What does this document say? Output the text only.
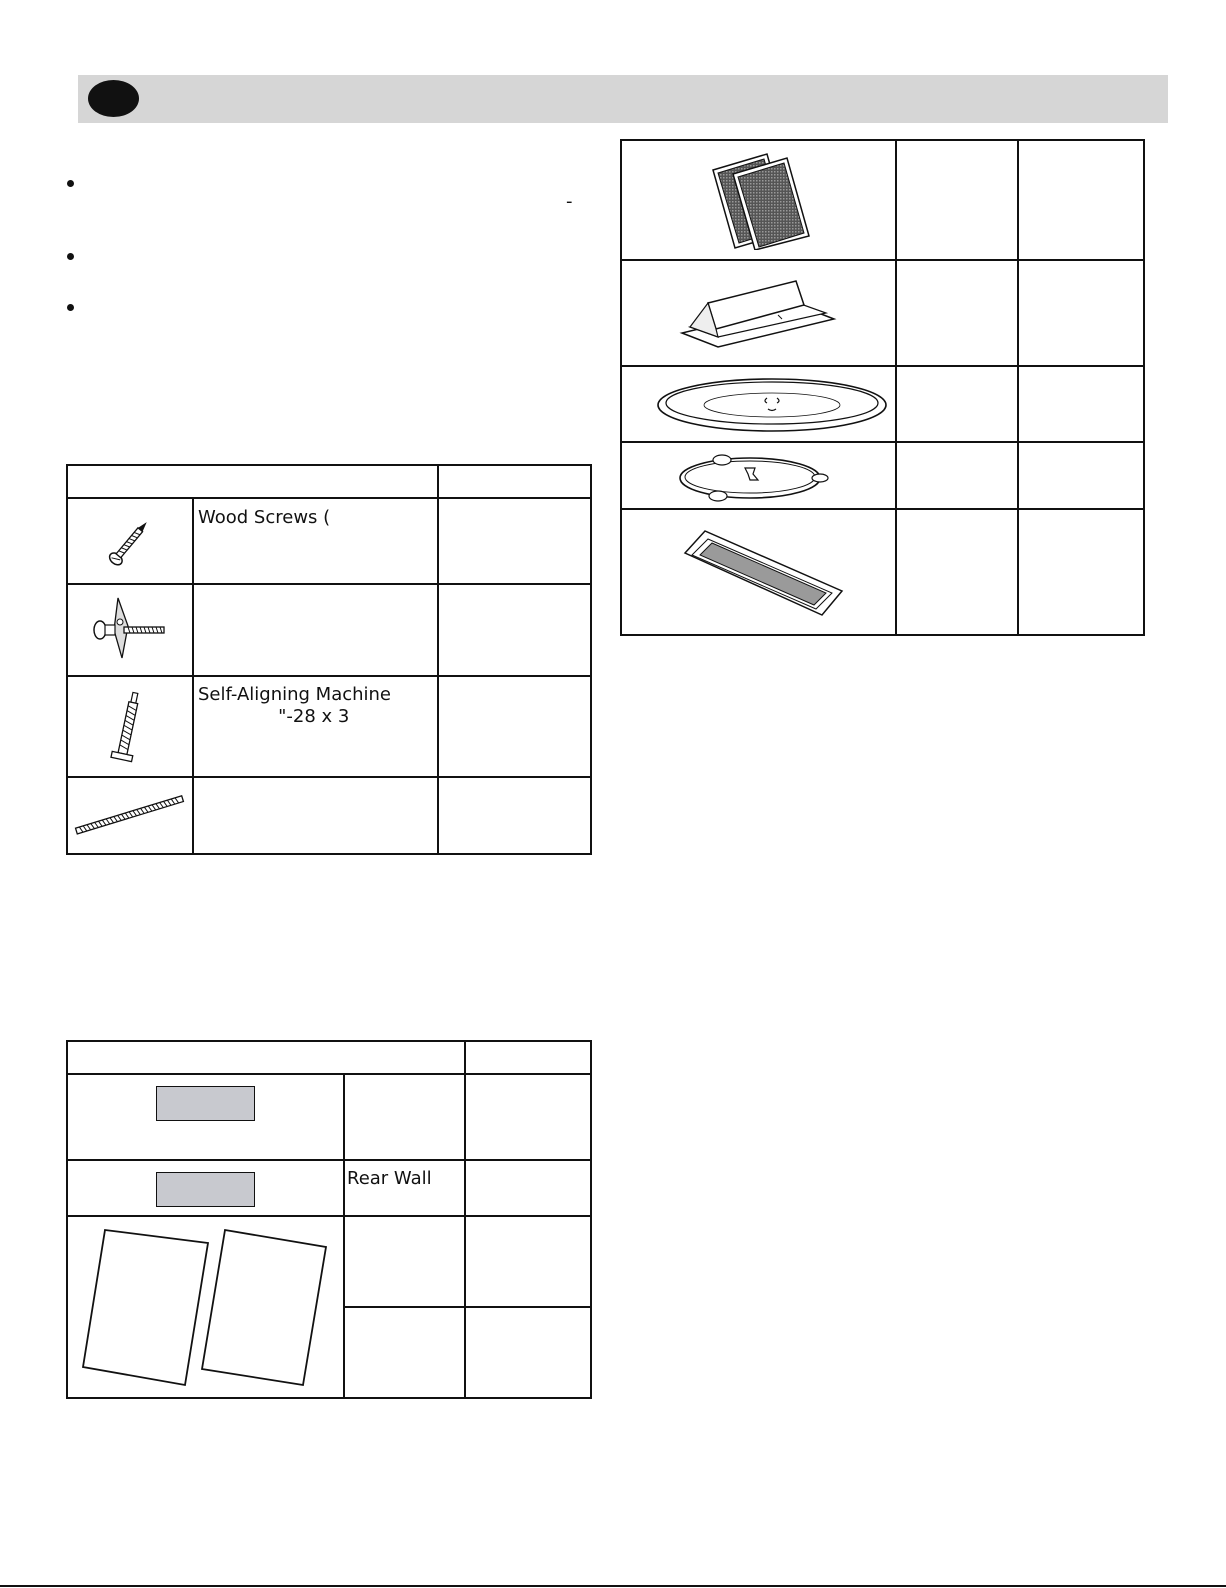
-
Wood Screws (
Self-Aligning Machine
"-28 x 3
Rear Wall
